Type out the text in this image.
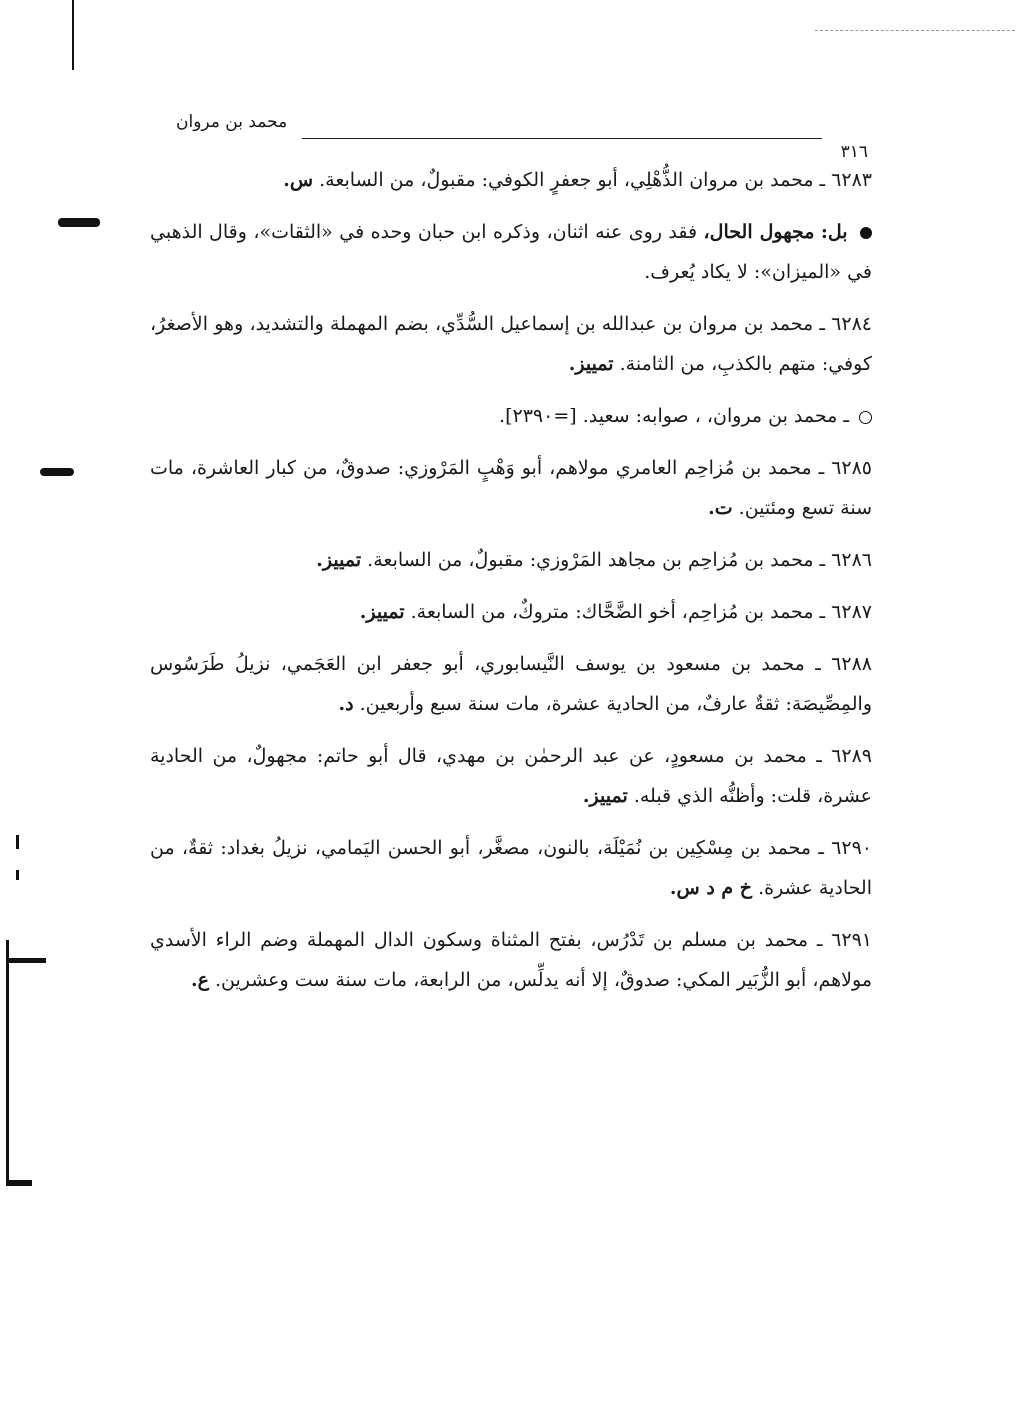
محمد بن مروان
٣١٦

٦٢٨٣ ـ محمد بن مروان الذُّهْلِي، أبو جعفرٍ الكوفي: مقبولٌ، من السابعة. س.

بل: مجهول الحال، فقد روى عنه اثنان، وذكره ابن حبان وحده في «الثقات»، وقال الذهبي في «الميزان»: لا يكاد يُعرف.

٦٢٨٤ ـ محمد بن مروان بن عبدالله بن إسماعيل السُّدِّي، بضم المهملة والتشديد، وهو الأصغرُ، كوفي: متهم بالكذبِ، من الثامنة. تمييز.

ـ محمد بن مروان، ، صوابه: سعيد. [=٢٣٩٠].

٦٢٨٥ ـ محمد بن مُزاحِم العامري مولاهم، أبو وَهْبٍ المَرْوزي: صدوقٌ، من كبار العاشرة، مات سنة تسع ومئتين. ت.

٦٢٨٦ ـ محمد بن مُزاحِم بن مجاهد المَرْوزي: مقبولٌ، من السابعة. تمييز.

٦٢٨٧ ـ محمد بن مُزاحِم، أخو الضَّحَّاك: متروكٌ، من السابعة. تمييز.

٦٢٨٨ ـ محمد بن مسعود بن يوسف النَّيسابوري، أبو جعفر ابن العَجَمي، نزيلُ طَرَسُوس والمِصِّيصَة: ثقةٌ عارفٌ، من الحادية عشرة، مات سنة سبع وأربعين. د.

٦٢٨٩ ـ محمد بن مسعودٍ، عن عبد الرحمٰن بن مهدي، قال أبو حاتم: مجهولٌ، من الحادية عشرة، قلت: وأظنُّه الذي قبله. تمييز.

٦٢٩٠ ـ محمد بن مِسْكِين بن نُمَيْلَة، بالنون، مصغَّر، أبو الحسن اليَمامي، نزيلُ بغداد: ثقةٌ، من الحادية عشرة. خ م د س.

٦٢٩١ ـ محمد بن مسلم بن تَدْرُس، بفتح المثناة وسكون الدال المهملة وضم الراء الأسدي مولاهم، أبو الزُّبَير المكي: صدوقٌ، إلا أنه يدلِّس، من الرابعة، مات سنة ست وعشرين. ع.
